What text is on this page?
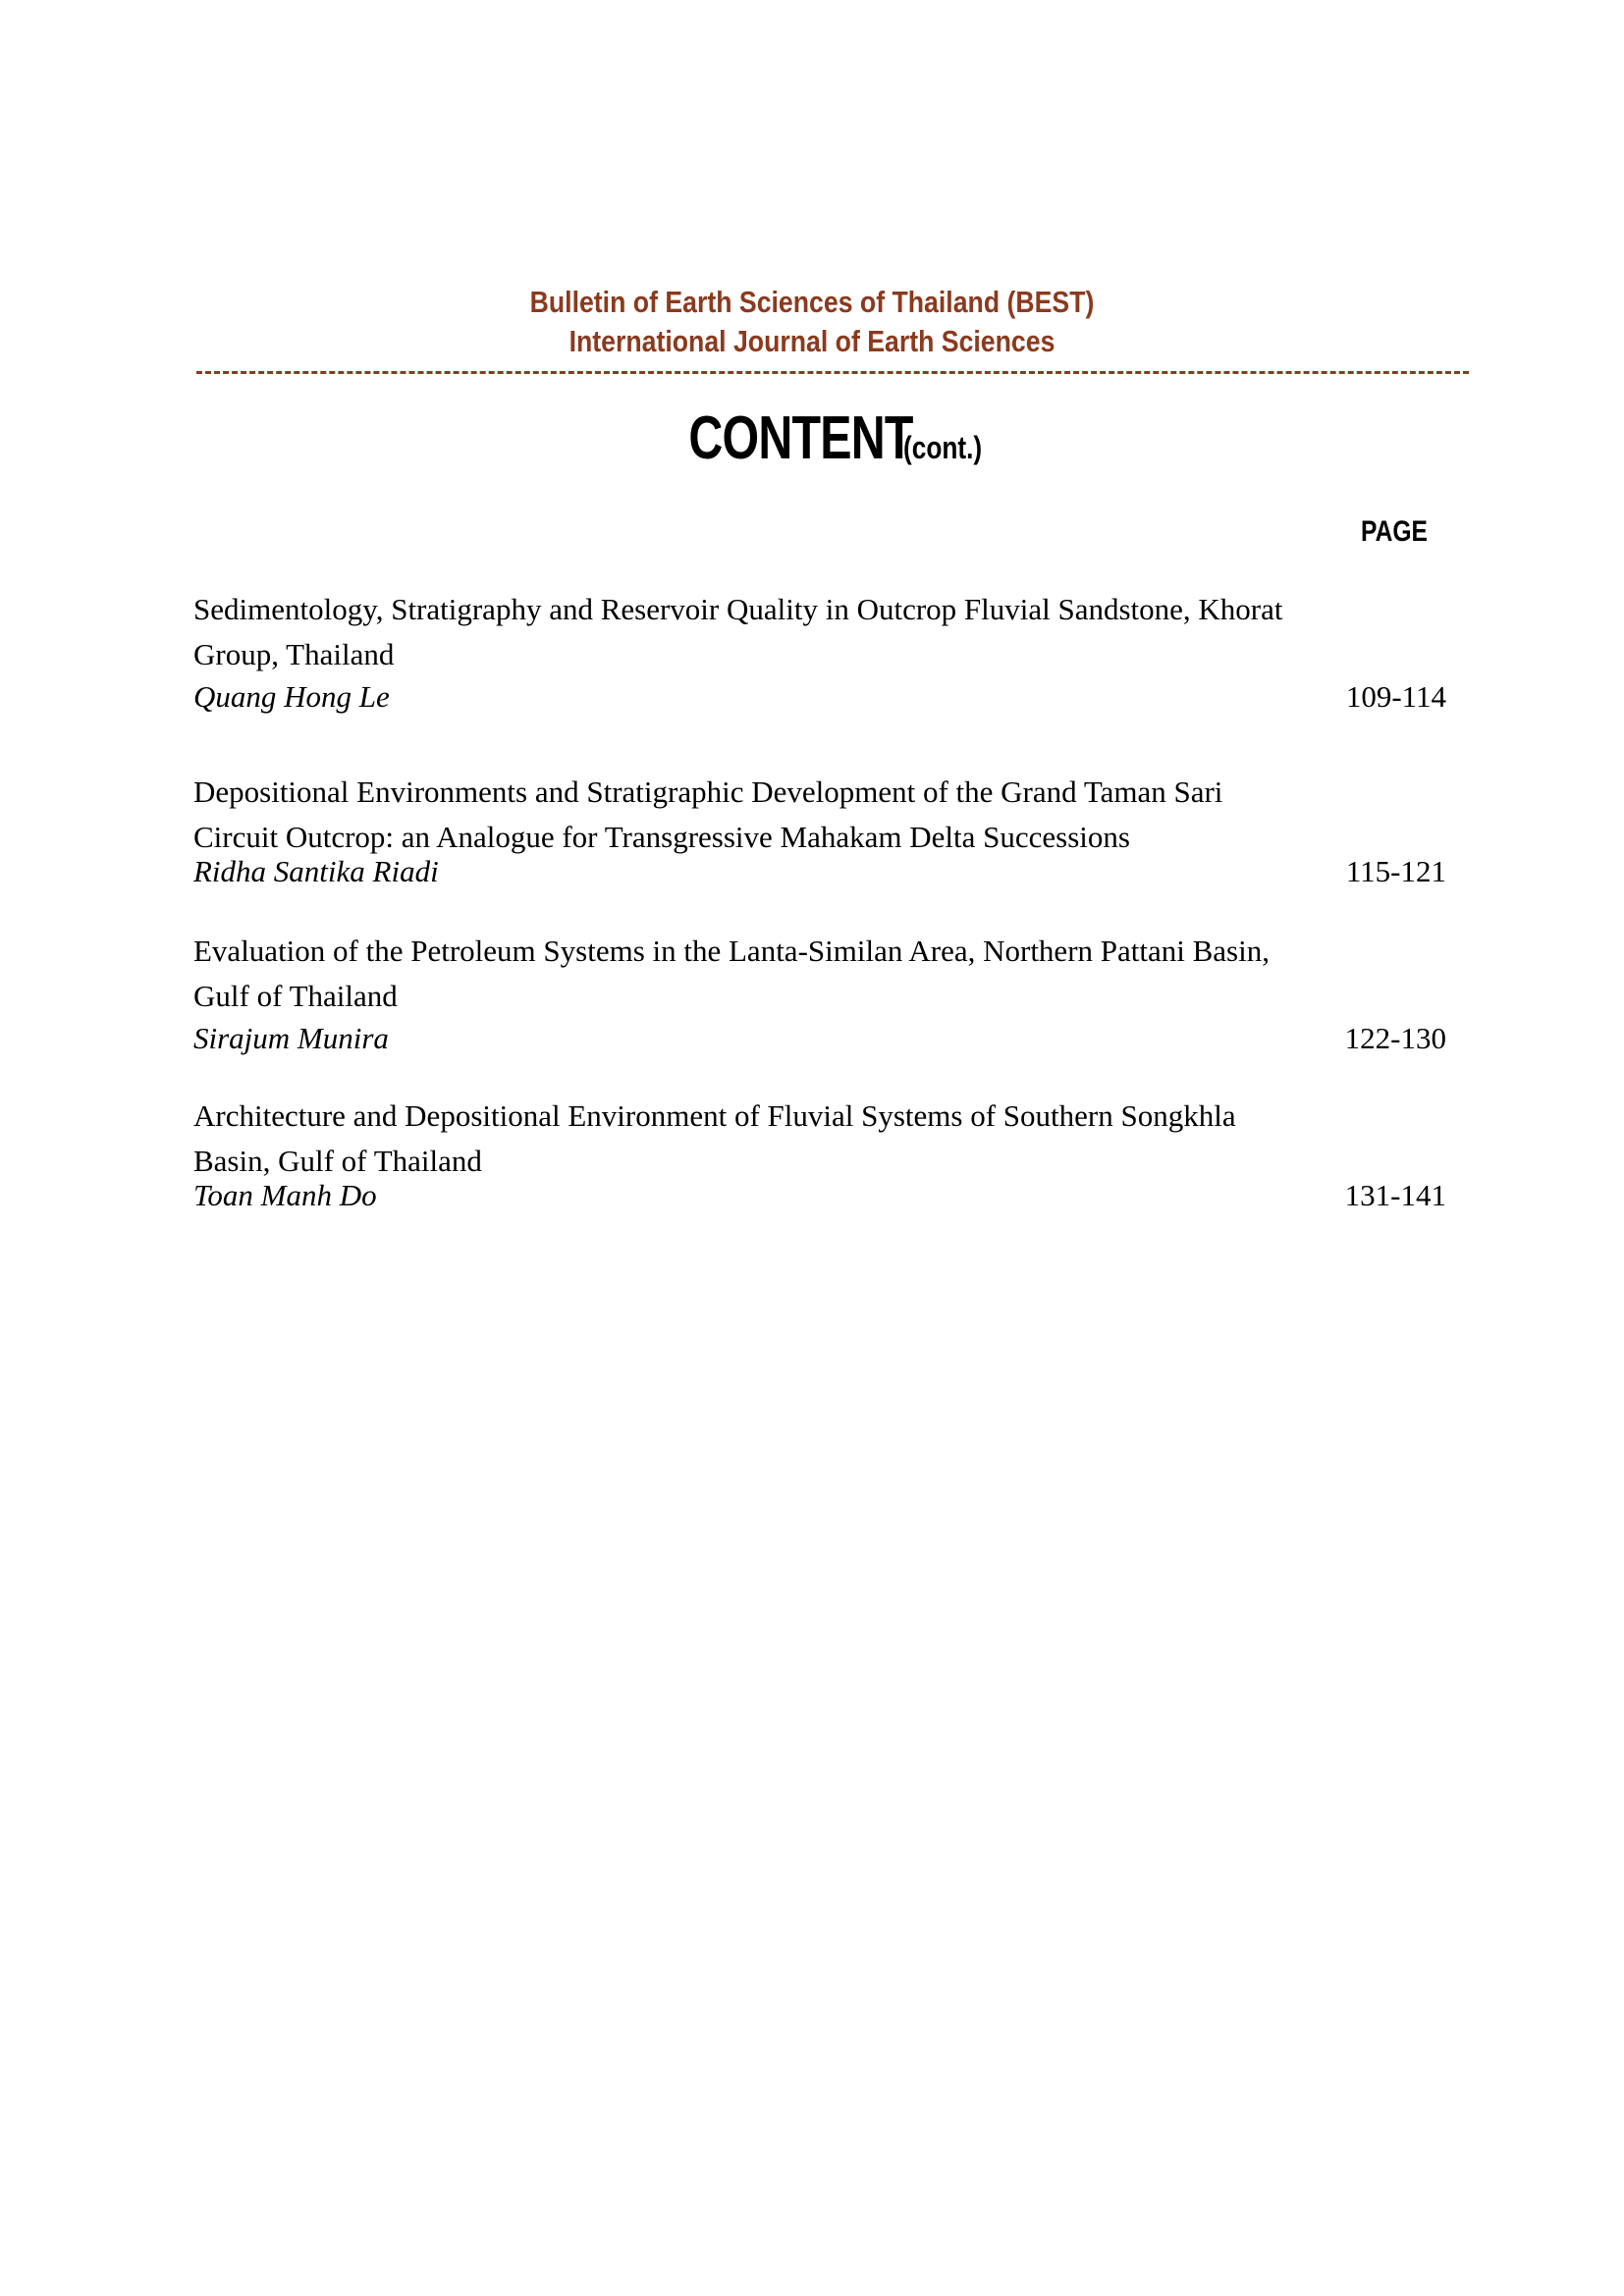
Bulletin of Earth Sciences of Thailand (BEST)
International Journal of Earth Sciences
CONTENT (cont.)
PAGE
Sedimentology, Stratigraphy and Reservoir Quality in Outcrop Fluvial Sandstone, Khorat Group, Thailand
Quang Hong Le	109-114
Depositional Environments and Stratigraphic Development of the Grand Taman Sari Circuit Outcrop: an Analogue for Transgressive Mahakam Delta Successions
Ridha Santika Riadi	115-121
Evaluation of the Petroleum Systems in the Lanta-Similan Area, Northern Pattani Basin, Gulf of Thailand
Sirajum Munira	122-130
Architecture and Depositional Environment of Fluvial Systems of Southern Songkhla Basin, Gulf of Thailand
Toan Manh Do	131-141
